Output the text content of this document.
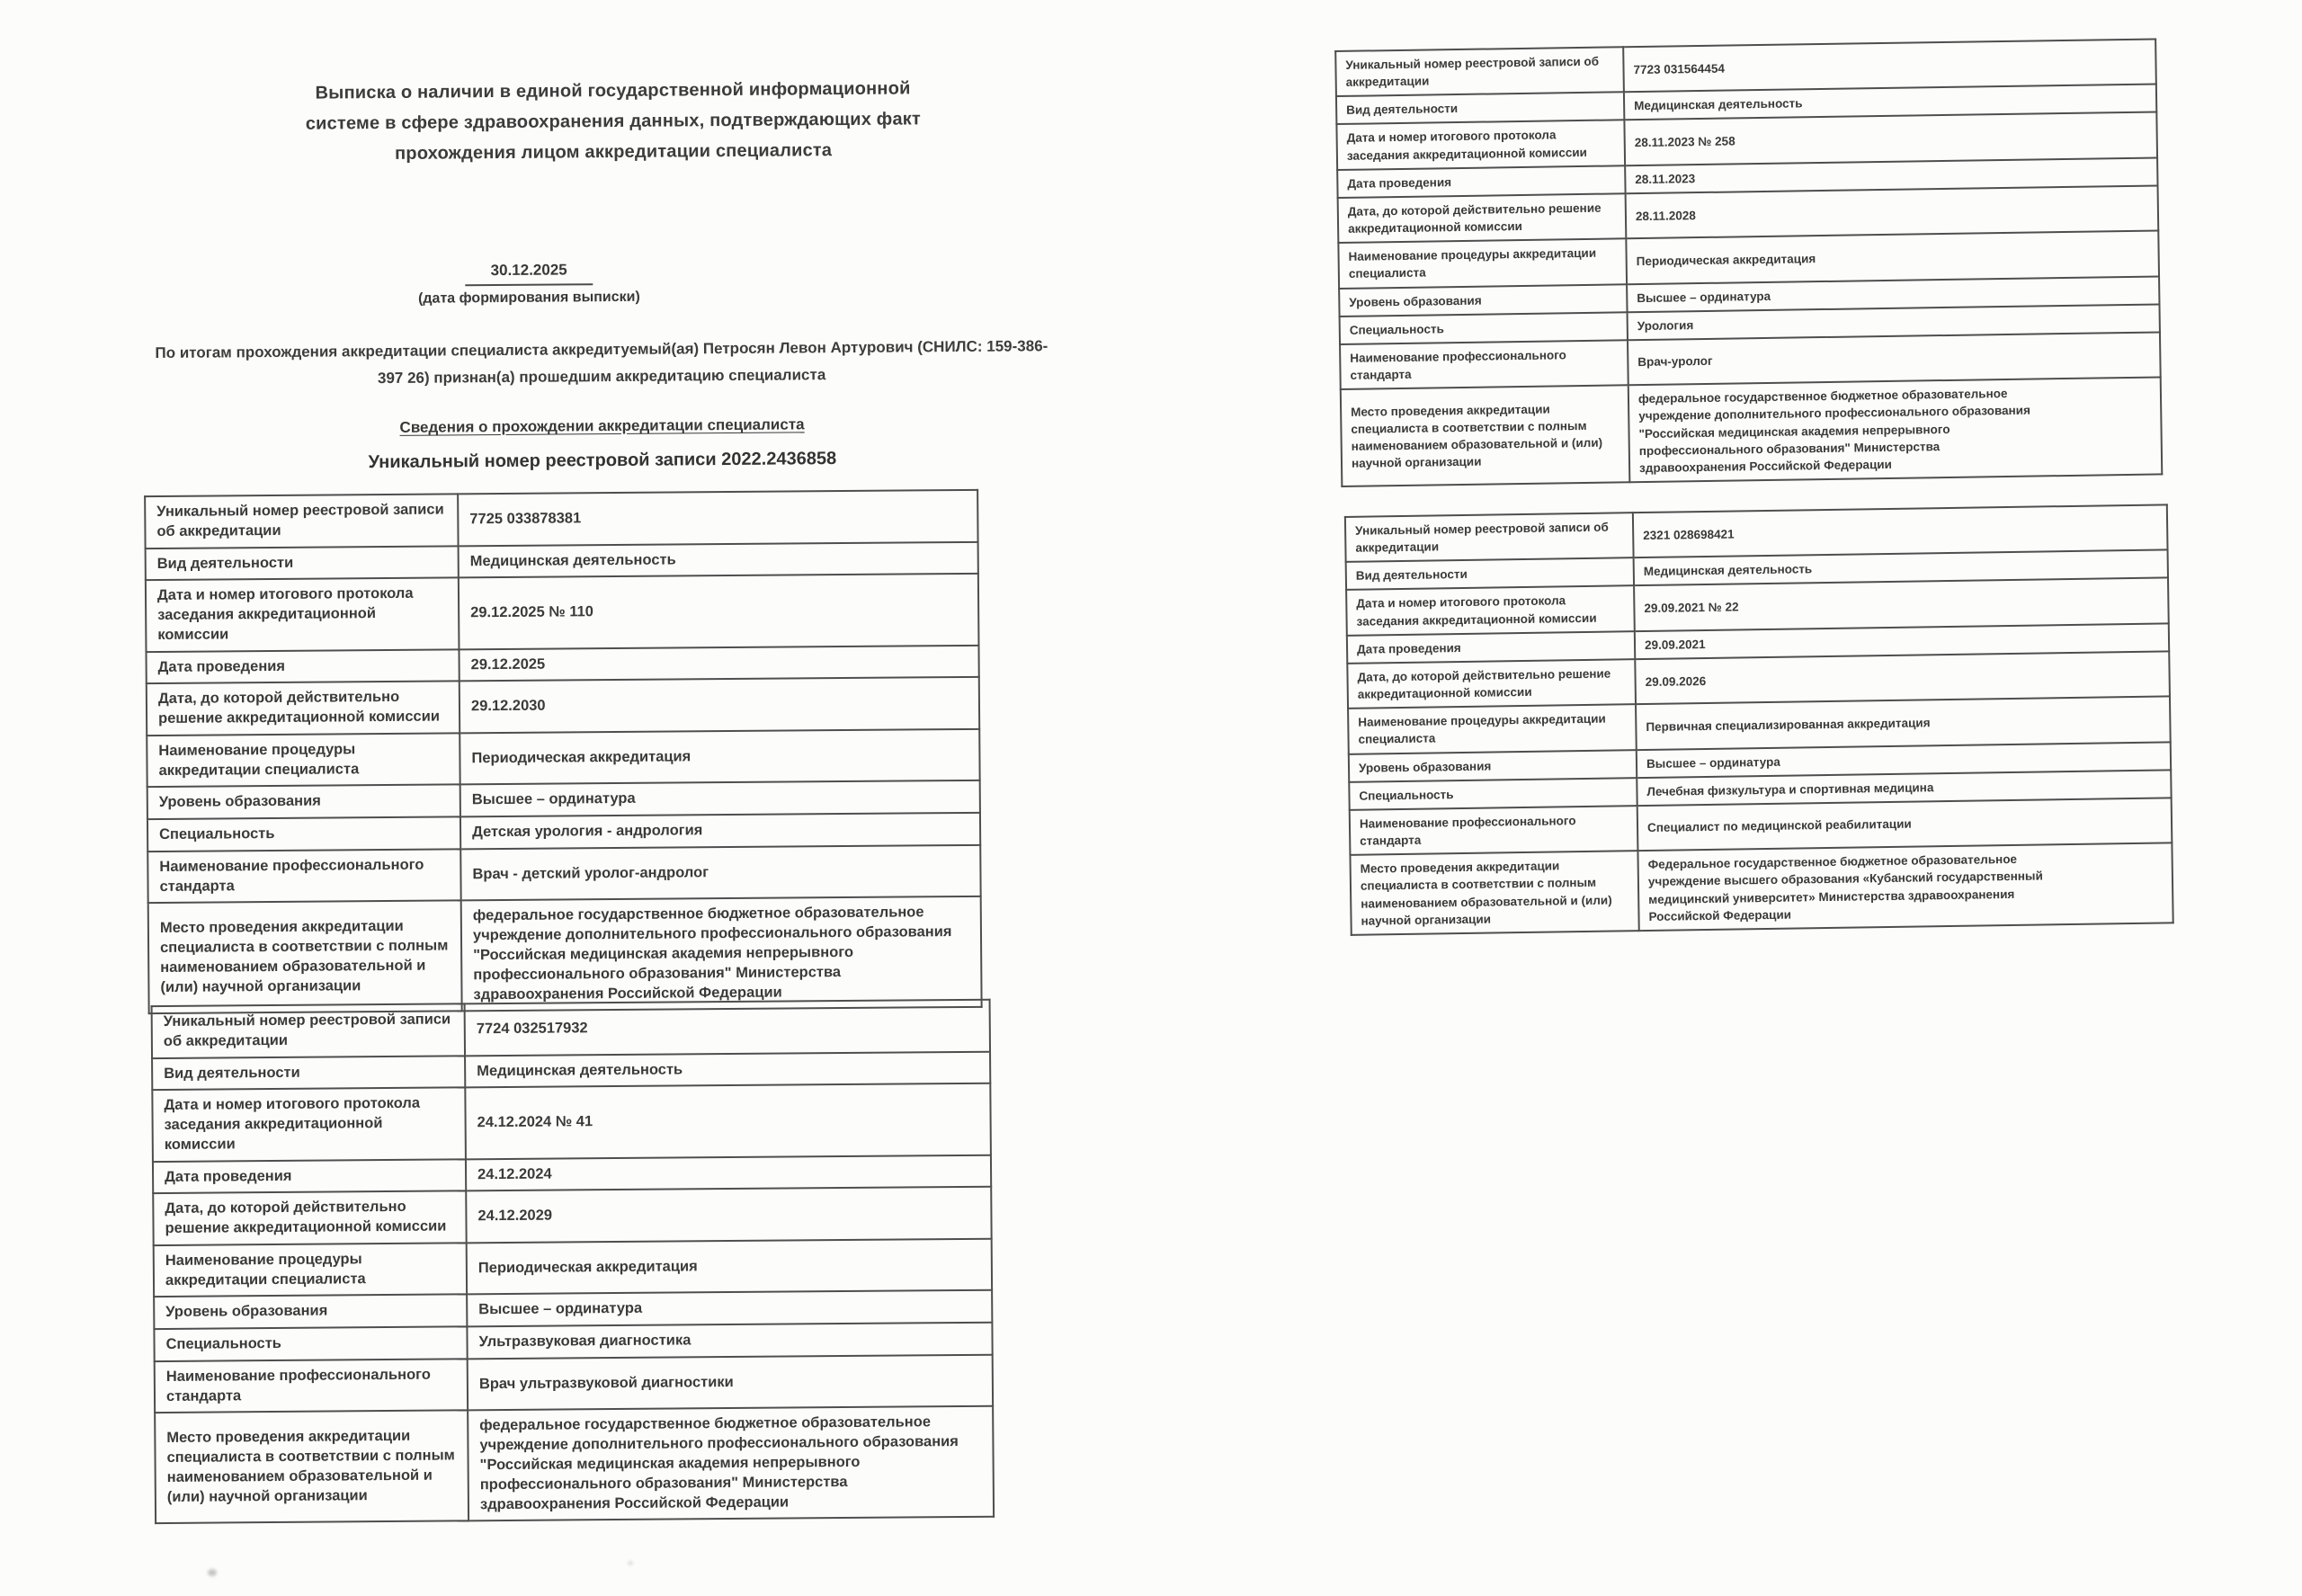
Выписка о наличии в единой государственной информационной
системе в сфере здравоохранения данных, подтверждающих факт
прохождения лицом аккредитации специалиста
30.12.2025
(дата формирования выписки)
По итогам прохождения аккредитации специалиста аккредитуемый(ая) Петросян Левон Артурович (СНИЛС: 159-386-
397 26) признан(а) прошедшим аккредитацию специалиста
Сведения о прохождении аккредитации специалиста
Уникальный номер реестровой записи 2022.2436858
Уникальный номер реестровой записи об аккредитации	7725 033878381

Вид деятельности	Медицинская деятельность

Дата и номер итогового протокола заседания аккредитационной комиссии	29.12.2025 № 110

Дата проведения	29.12.2025

Дата, до которой действительно решение аккредитационной комиссии	29.12.2030

Наименование процедуры аккредитации специалиста	Периодическая аккредитация

Уровень образования	Высшее – ординатура

Специальность	Детская урология - андрология

Наименование профессионального стандарта	Врач - детский уролог-андролог

Место проведения аккредитации специалиста в соответствии с полным наименованием образовательной и (или) научной организации	федеральное государственное бюджетное образовательное учреждение дополнительного профессионального образования "Российская медицинская академия непрерывного профессионального образования" Министерства здравоохранения Российской Федерации
Уникальный номер реестровой записи об аккредитации	7724 032517932

Вид деятельности	Медицинская деятельность

Дата и номер итогового протокола заседания аккредитационной комиссии	24.12.2024 № 41

Дата проведения	24.12.2024

Дата, до которой действительно решение аккредитационной комиссии	24.12.2029

Наименование процедуры аккредитации специалиста	Периодическая аккредитация

Уровень образования	Высшее – ординатура

Специальность	Ультразвуковая диагностика

Наименование профессионального стандарта	Врач ультразвуковой диагностики

Место проведения аккредитации специалиста в соответствии с полным наименованием образовательной и (или) научной организации	федеральное государственное бюджетное образовательное учреждение дополнительного профессионального образования "Российская медицинская академия непрерывного профессионального образования" Министерства здравоохранения Российской Федерации
Уникальный номер реестровой записи об аккредитации	7723 031564454

Вид деятельности	Медицинская деятельность

Дата и номер итогового протокола заседания аккредитационной комиссии	28.11.2023 № 258

Дата проведения	28.11.2023

Дата, до которой действительно решение аккредитационной комиссии	28.11.2028

Наименование процедуры аккредитации специалиста	Периодическая аккредитация

Уровень образования	Высшее – ординатура

Специальность	Урология

Наименование профессионального стандарта	Врач-уролог

Место проведения аккредитации специалиста в соответствии с полным наименованием образовательной и (или) научной организации	федеральное государственное бюджетное образовательное учреждение дополнительного профессионального образования "Российская медицинская академия непрерывного профессионального образования" Министерства здравоохранения Российской Федерации
Уникальный номер реестровой записи об аккредитации	2321 028698421

Вид деятельности	Медицинская деятельность

Дата и номер итогового протокола заседания аккредитационной комиссии	29.09.2021 № 22

Дата проведения	29.09.2021

Дата, до которой действительно решение аккредитационной комиссии	29.09.2026

Наименование процедуры аккредитации специалиста	Первичная специализированная аккредитация

Уровень образования	Высшее – ординатура

Специальность	Лечебная физкультура и спортивная медицина

Наименование профессионального стандарта	Специалист по медицинской реабилитации

Место проведения аккредитации специалиста в соответствии с полным наименованием образовательной и (или) научной организации	Федеральное государственное бюджетное образовательное учреждение высшего образования «Кубанский государственный медицинский университет» Министерства здравоохранения Российской Федерации
